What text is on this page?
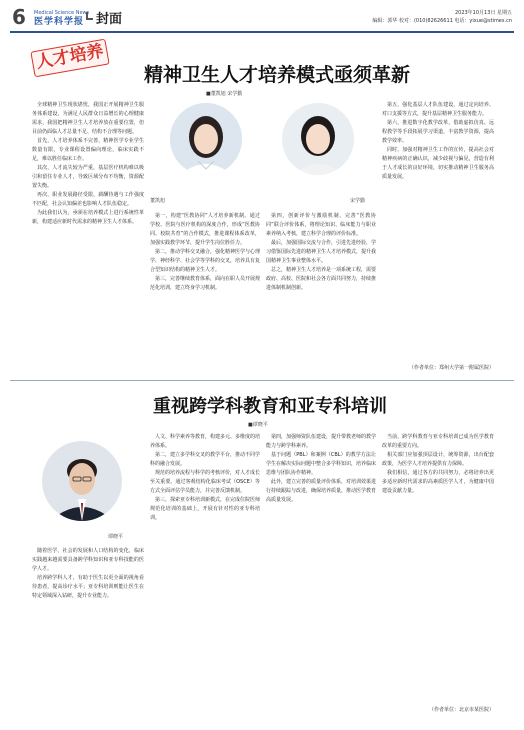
6 Medical Science News
医学科学报 封面	2023年10月13日 星期五
编辑：郭华 校对：(010)82626611 电话：yixue@stimes.cn
人才培养
精神卫生人才培养模式亟须革新
■董凯旭 宋学勤
董凯旭	宋学勤

全球精神卫生现状堪忧，我国正开展精神卫生服务体系建设，为满足人民群众日益增长的心理健康需求，我国把精神卫生人才培养放在重要位置，但目前仍面临人才总量不足、结构不合理等问题。

首先，人才培养体系不完善，精神医学专业学生数量有限，专业课程设置偏向理论，临床实践不足，难以胜任临床工作。

其次，人才流失较为严重，基层医疗机构难以吸引和留住专业人才，导致区域分布不均衡，资源配置失衡。

再次，职业发展路径受限，薪酬待遇与工作强度不匹配，社会认知偏差也影响人才队伍稳定。

为此我们认为，亟须在培养模式上进行系统性革新，构建适应新时代需求的精神卫生人才体系。

第一，构建“医教协同”人才培养新机制。通过学校、医院与医疗机构的深度合作，形成“医教协同、校院共育”的合作模式，推进课程体系改革，加强实践教学环节，提升学生岗位胜任力。

第二，推动学科交叉融合，强化精神医学与心理学、神经科学、社会学等学科的交叉，培养具有复合型知识结构的精神卫生人才。

第三，完善继续教育体系，面向在职人员开展规范化培训，建立终身学习机制。

第四，创新评价与激励机制，完善“医教协同”联合评价体系，将理论知识、临床能力与职业素养纳入考核，建立科学合理的评价标准。

最后，加强国际交流与合作，引进先进经验，学习借鉴国际先进的精神卫生人才培养模式，提升我国精神卫生事业整体水平。

总之，精神卫生人才培养是一项系统工程，需要政府、高校、医院和社会各方面共同努力，持续推进体制机制创新。

第五，强化基层人才队伍建设，通过定向培养、对口支援等方式，提升基层精神卫生服务能力。

第六，推进数字化教学改革，借助虚拟仿真、远程教学等手段拓展学习渠道，丰富教学资源，提高教学效率。

同时，加强对精神卫生工作的宣传，提高社会对精神疾病的正确认识，减少歧视与偏见，营造有利于人才成长的良好环境，切实推动精神卫生服务高质量发展。

（作者单位：郑州大学第一附属医院）
重视跨学科教育和亚专科培训
■谭晓平
谭晓平

随着医学、社会的发展和人口结构的变化，临床实践越来越需要具备跨学科知识和亚专科技能的医学人才。

培养跨学科人才，有助于医生以更全面的视角看待患者，提高诊疗水平；亚专科培训则能让医生在特定领域深入钻研，提升专业能力。

人文、科学素养等教育，构建多元、多维度的培养体系。

第二，建立多学科交叉的教学平台，推动不同学科的融合发展。

规范的培养流程与科学的考核评价，对人才成长至关重要。通过客观结构化临床考试（OSCE）等方式全面评估学员能力，并完善反馈机制。

第三，探索亚专科培训新模式，在完成住院医师规范化培训的基础上，开展有针对性的亚专科培训。

第四，加强师资队伍建设，提升带教老师的教学能力与跨学科素养。

基于问题（PBL）和案例（CBL）的教学方法让学生在解决实际问题中整合多学科知识，培养临床思维与团队协作精神。

此外，建立完善的质量评价体系，对培训效果进行持续跟踪与改进，确保培养质量，推动医学教育高质量发展。

当前，跨学科教育与亚专科培训已成为医学教育改革的重要方向。

相关部门应加强顶层设计，统筹资源，出台配套政策，为医学人才培养提供有力保障。

我们相信，通过各方的共同努力，必将培养出更多适应新时代需求的高素质医学人才，为健康中国建设贡献力量。

（作者单位：北京市某医院）
